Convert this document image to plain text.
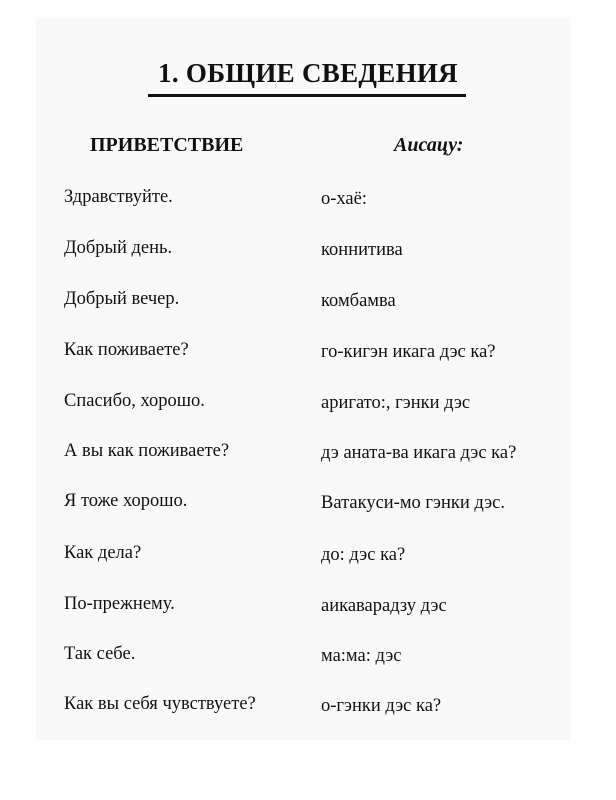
1. ОБЩИЕ СВЕДЕНИЯ
ПРИВЕТСТВИЕ	Аисацу:
Здравствуйте.	о-хаё:
Добрый день.	коннитива
Добрый вечер.	комбамва
Как поживаете?	го-кигэн икага дэс ка?
Спасибо, хорошо.	аригато:, гэнки дэс
А вы как поживаете?	дэ аната-ва икага дэс ка?
Я тоже хорошо.	Ватакуси-мо гэнки дэс.
Как дела?	до: дэс ка?
По-прежнему.	аикаварадзу дэс
Так себе.	ма:ма: дэс
Как вы себя чувствуете?	о-гэнки дэс ка?
